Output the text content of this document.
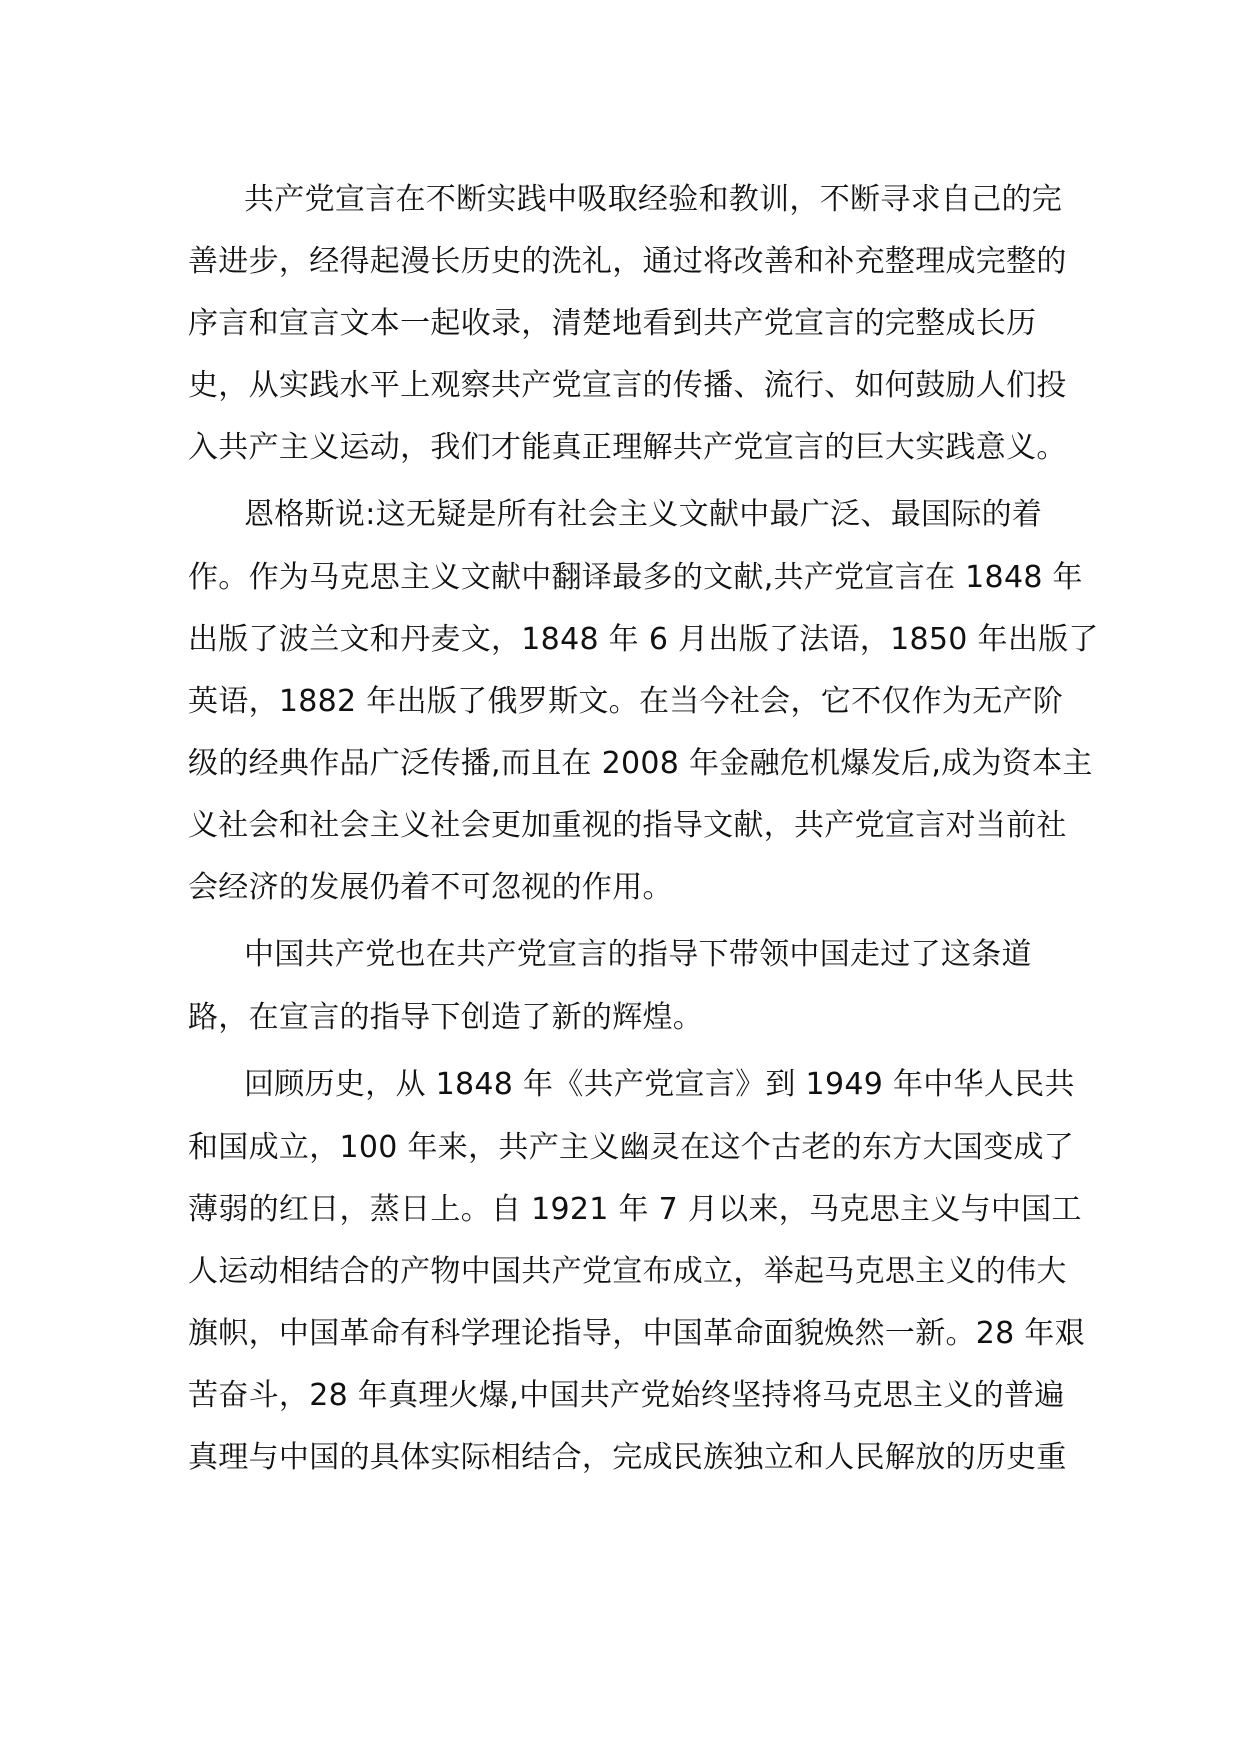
共产党宣言在不断实践中吸取经验和教训，不断寻求自己的完
善进步，经得起漫长历史的洗礼，通过将改善和补充整理成完整的
序言和宣言文本一起收录，清楚地看到共产党宣言的完整成长历
史，从实践水平上观察共产党宣言的传播、流行、如何鼓励人们投
入共产主义运动，我们才能真正理解共产党宣言的巨大实践意义。
恩格斯说:这无疑是所有社会主义文献中最广泛、最国际的着
作。作为马克思主义文献中翻译最多的文献,共产党宣言在 1848 年
出版了波兰文和丹麦文，1848 年 6 月出版了法语，1850 年出版了
英语，1882 年出版了俄罗斯文。在当今社会，它不仅作为无产阶
级的经典作品广泛传播,而且在 2008 年金融危机爆发后,成为资本主
义社会和社会主义社会更加重视的指导文献，共产党宣言对当前社
会经济的发展仍着不可忽视的作用。
中国共产党也在共产党宣言的指导下带领中国走过了这条道
路，在宣言的指导下创造了新的辉煌。
回顾历史，从 1848 年《共产党宣言》到 1949 年中华人民共
和国成立，100 年来，共产主义幽灵在这个古老的东方大国变成了
薄弱的红日，蒸日上。自 1921 年 7 月以来，马克思主义与中国工
人运动相结合的产物中国共产党宣布成立，举起马克思主义的伟大
旗帜，中国革命有科学理论指导，中国革命面貌焕然一新。28 年艰
苦奋斗，28 年真理火爆,中国共产党始终坚持将马克思主义的普遍
真理与中国的具体实际相结合，完成民族独立和人民解放的历史重
